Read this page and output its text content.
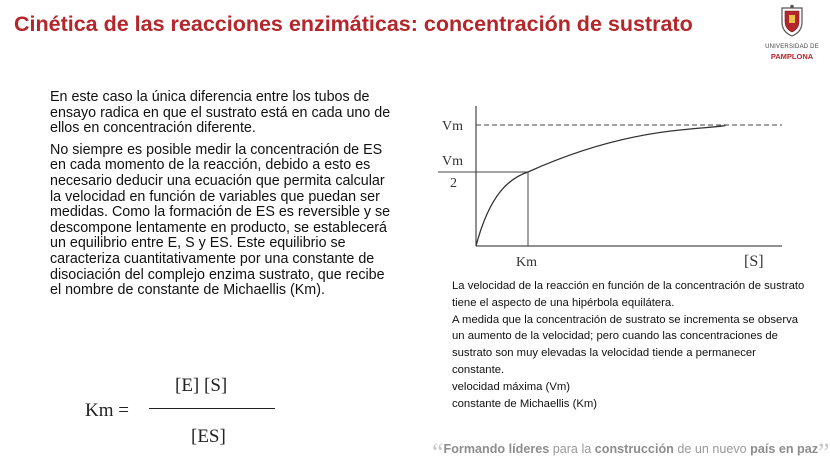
Cinética de las reacciones enzimáticas: concentración de sustrato
UNIVERSIDAD DE
PAMPLONA

En este caso la única diferencia entre los tubos de ensayo radica en que el sustrato está en cada uno de ellos en concentración diferente.

No siempre es posible medir la concentración de ES en cada momento de la reacción, debido a esto es necesario deducir una ecuación que permita calcular la velocidad en función de variables que puedan ser medidas. Como la formación de ES es reversible y se descompone lentamente en producto, se establecerá un equilibrio entre E, S y ES. Este equilibrio se caracteriza cuantitativamente por una constante de disociación del complejo enzima sustrato, que recibe el nombre de constante de Michaellis (Km).

Km =
[E] [S]
[ES]
Vm
Vm
2
Km	[S]
La velocidad de la reacción en función de la concentración de sustrato tiene el aspecto de una hipérbola equilátera.
A medida que la concentración de sustrato se incrementa se observa un aumento de la velocidad; pero cuando las concentraciones de sustrato son muy elevadas la velocidad tiende a permanecer constante.
velocidad máxima (Vm)
constante de Michaellis (Km)
“Formando líderes para la construcción de un nuevo país en paz”
